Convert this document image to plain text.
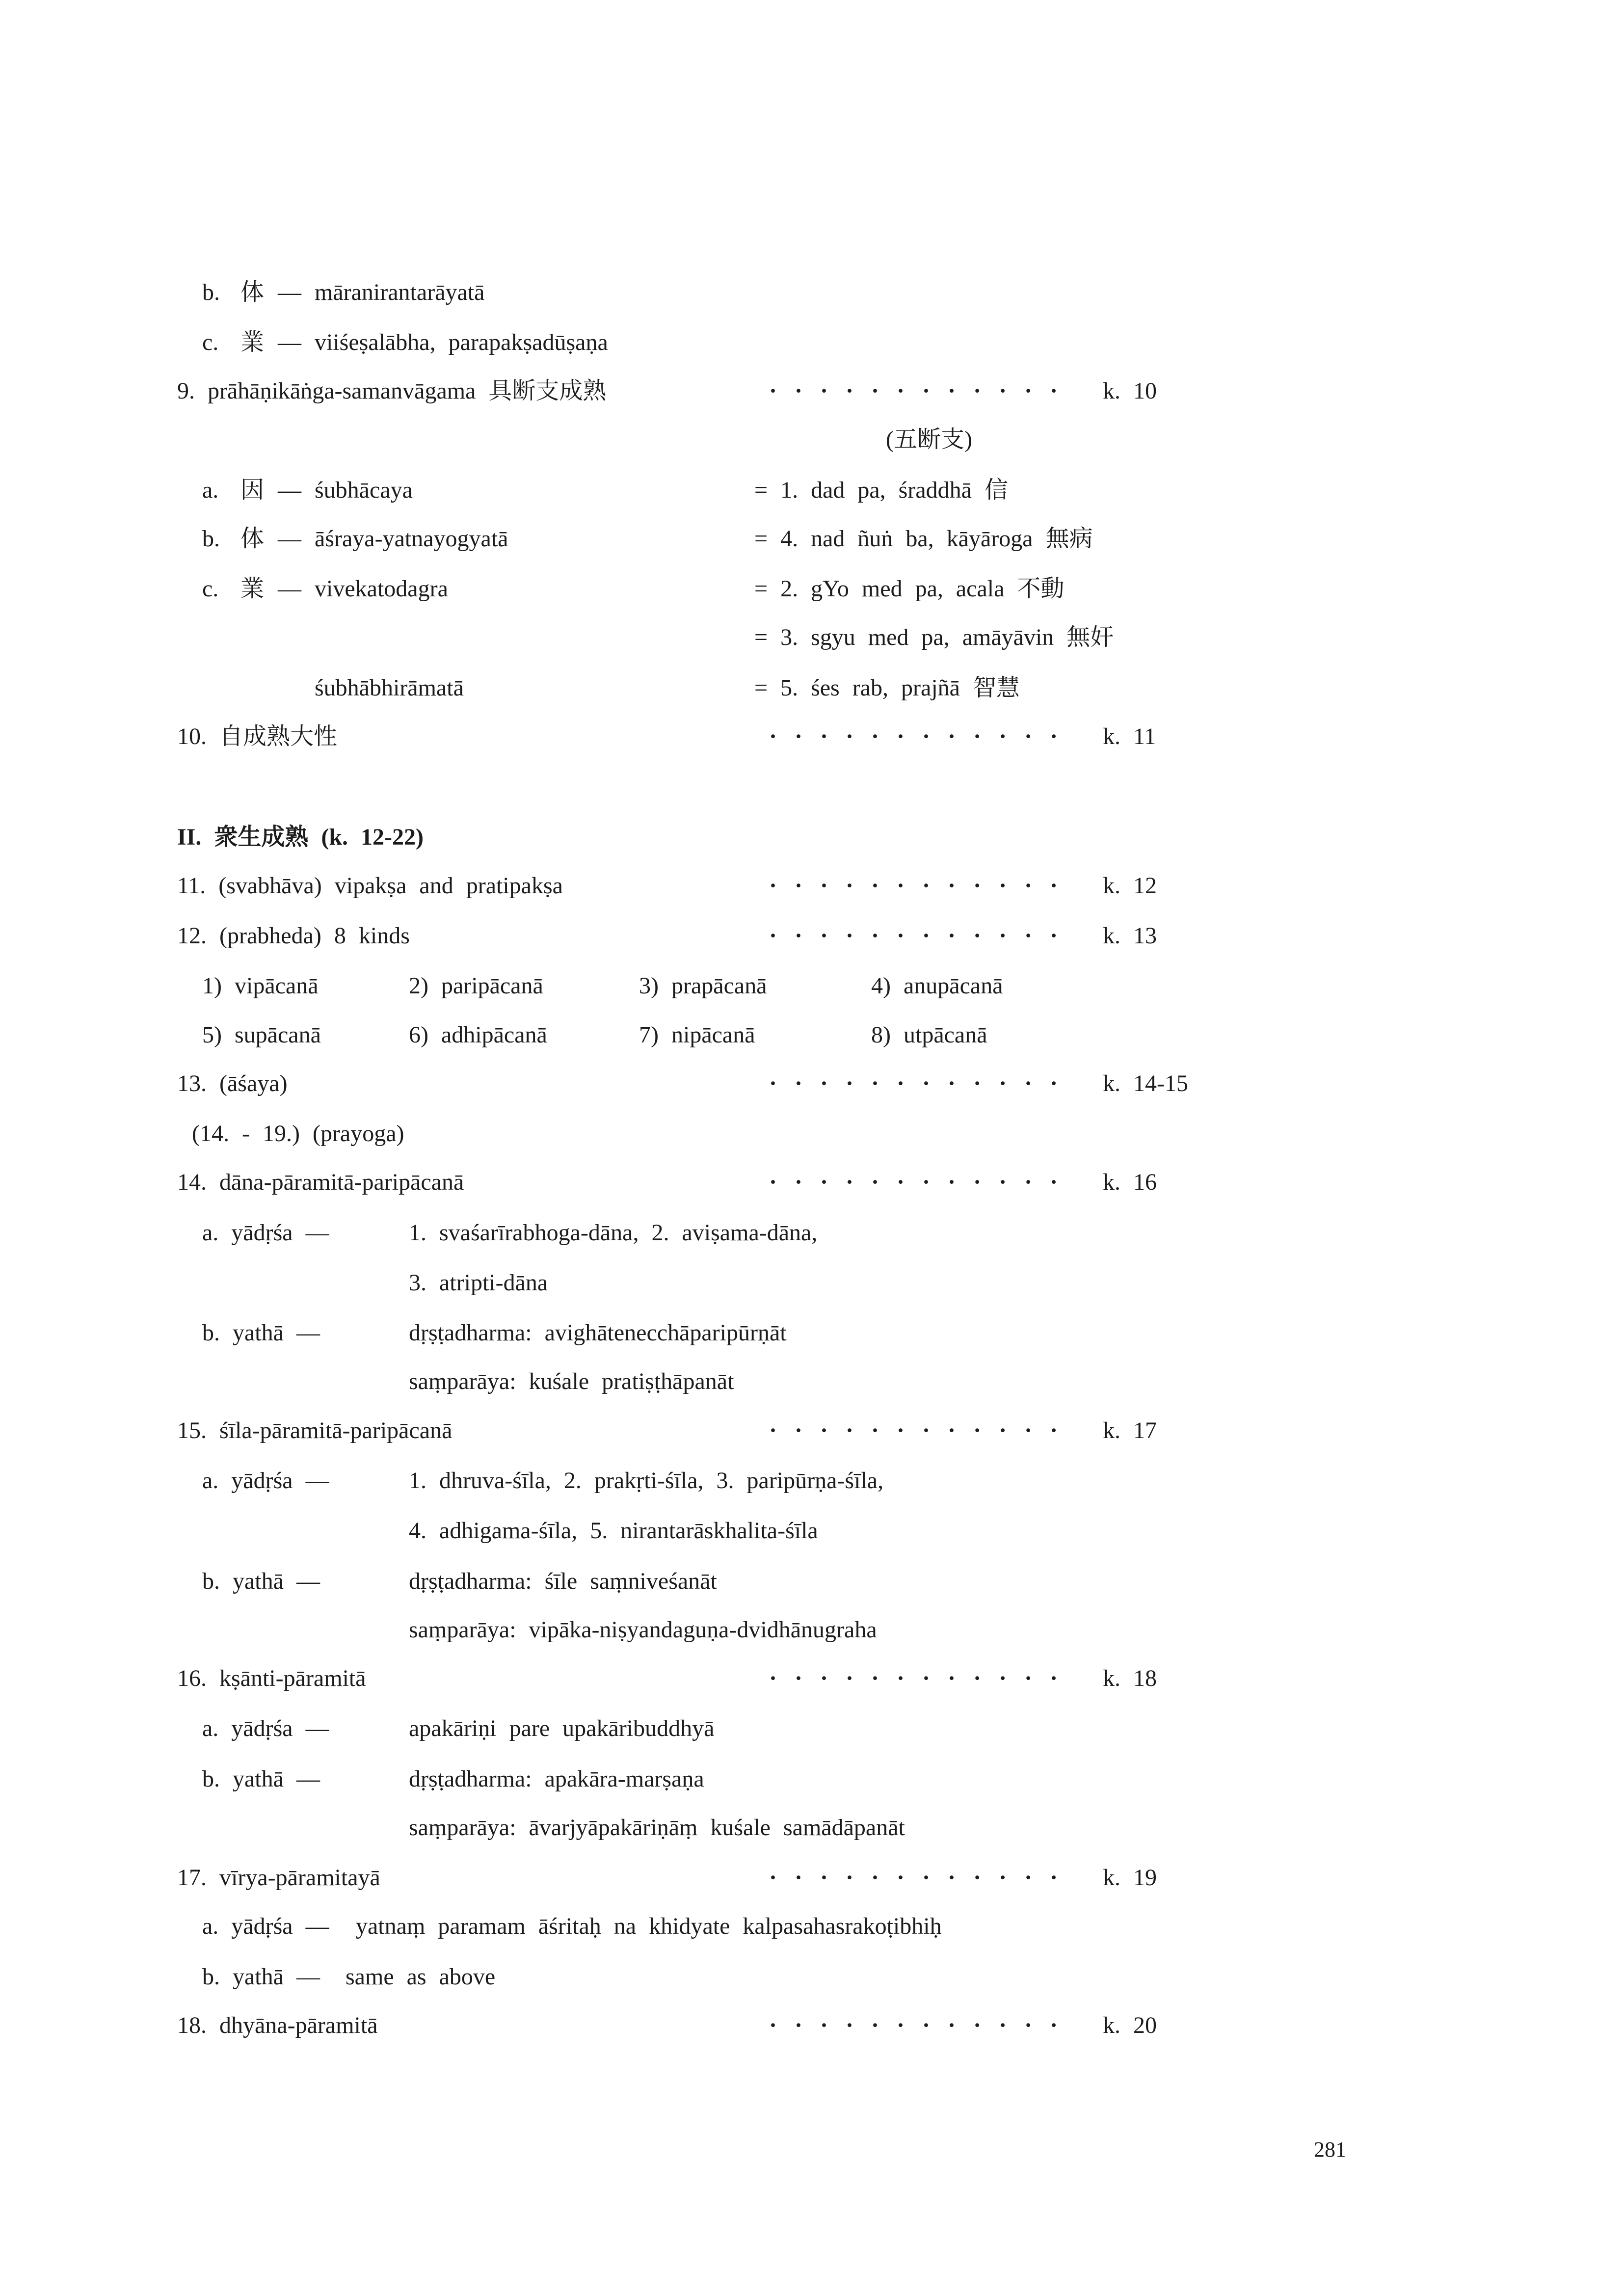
b. 体 — māranirantarāyatā
c. 業 — viiśeṣalābha, parapakṣadūṣaṇa
9. prāhāṇikāṅga-samanvāgama 具断支成熟	············ k. 10
(五断支)
a. 因 — śubhācaya	= 1. dad pa, śraddhā 信
b. 体 — āśraya-yatnayogyatā	= 4. nad ñuṅ ba, kāyāroga 無病
c. 業 — vivekatodagra	= 2. gYo med pa, acala 不動
= 3. sgyu med pa, amāyāvin 無奸
śubhābhirāmatā	= 5. śes rab, prajñā 智慧
10. 自成熟大性	············ k. 11
II. 衆生成熟 (k. 12-22)
11. (svabhāva) vipakṣa and pratipakṣa	············ k. 12
12. (prabheda) 8 kinds	············ k. 13
1) vipācanā	2) paripācanā	3) prapācanā	4) anupācanā
5) supācanā	6) adhipācanā	7) nipācanā	8) utpācanā
13. (āśaya)	············ k. 14-15
(14. - 19.) (prayoga)
14. dāna-pāramitā-paripācanā	············ k. 16
a. yādṛśa —	1. svaśarīrabhoga-dāna, 2. aviṣama-dāna,
3. atripti-dāna
b. yathā —	dṛṣṭadharma: avighātenecchāparipūrṇāt
saṃparāya: kuśale pratiṣṭhāpanāt
15. śīla-pāramitā-paripācanā	············ k. 17
a. yādṛśa —	1. dhruva-śīla, 2. prakṛti-śīla, 3. paripūrṇa-śīla,
4. adhigama-śīla, 5. nirantarāskhalita-śīla
b. yathā —	dṛṣṭadharma: śīle saṃniveśanāt
saṃparāya: vipāka-niṣyandaguṇa-dvidhānugraha
16. kṣānti-pāramitā	············ k. 18
a. yādṛśa —	apakāriṇi pare upakāribuddhyā
b. yathā —	dṛṣṭadharma: apakāra-marṣaṇa
saṃparāya: āvarjyāpakāriṇāṃ kuśale samādāpanāt
17. vīrya-pāramitayā	············ k. 19
a. yādṛśa — yatnaṃ paramam āśritaḥ na khidyate kalpasahasrakoṭibhiḥ
b. yathā — same as above
18. dhyāna-pāramitā	············ k. 20
281
